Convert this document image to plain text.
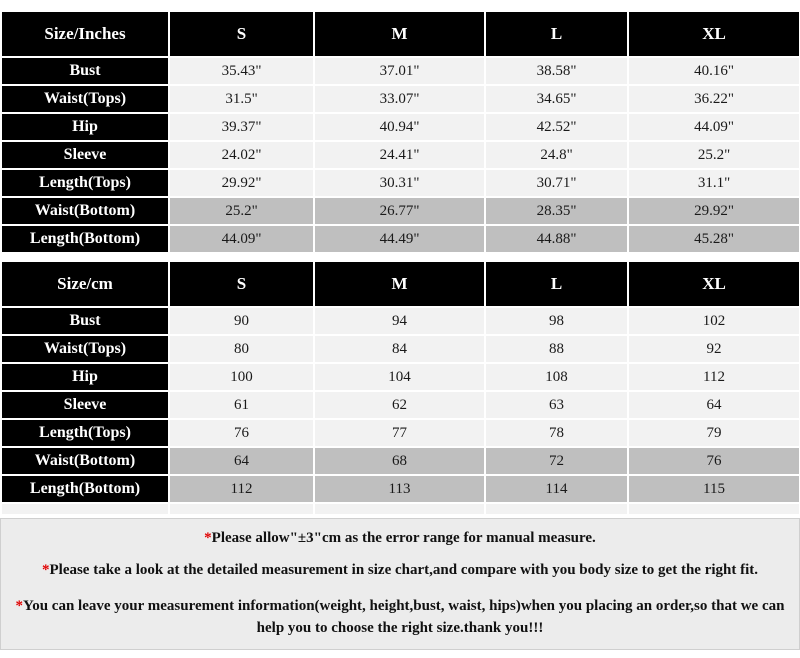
Size/Inches	S	M	L	XL
Bust	35.43"	37.01"	38.58"	40.16"
Waist(Tops)	31.5"	33.07"	34.65"	36.22"
Hip	39.37"	40.94"	42.52"	44.09"
Sleeve	24.02"	24.41"	24.8"	25.2"
Length(Tops)	29.92"	30.31"	30.71"	31.1"
Waist(Bottom)	25.2"	26.77"	28.35"	29.92"
Length(Bottom)	44.09"	44.49"	44.88"	45.28"
Size/cm	S	M	L	XL
Bust	90	94	98	102
Waist(Tops)	80	84	88	92
Hip	100	104	108	112
Sleeve	61	62	63	64
Length(Tops)	76	77	78	79
Waist(Bottom)	64	68	72	76
Length(Bottom)	112	113	114	115

*Please allow"±3"cm as the error range for manual measure.
*Please take a look at the detailed measurement in size chart,and compare with you body size to get the right fit.
*You can leave your measurement information(weight, height,bust, waist, hips)when you placing an order,so that we can help you to choose the right size.thank you!!!
